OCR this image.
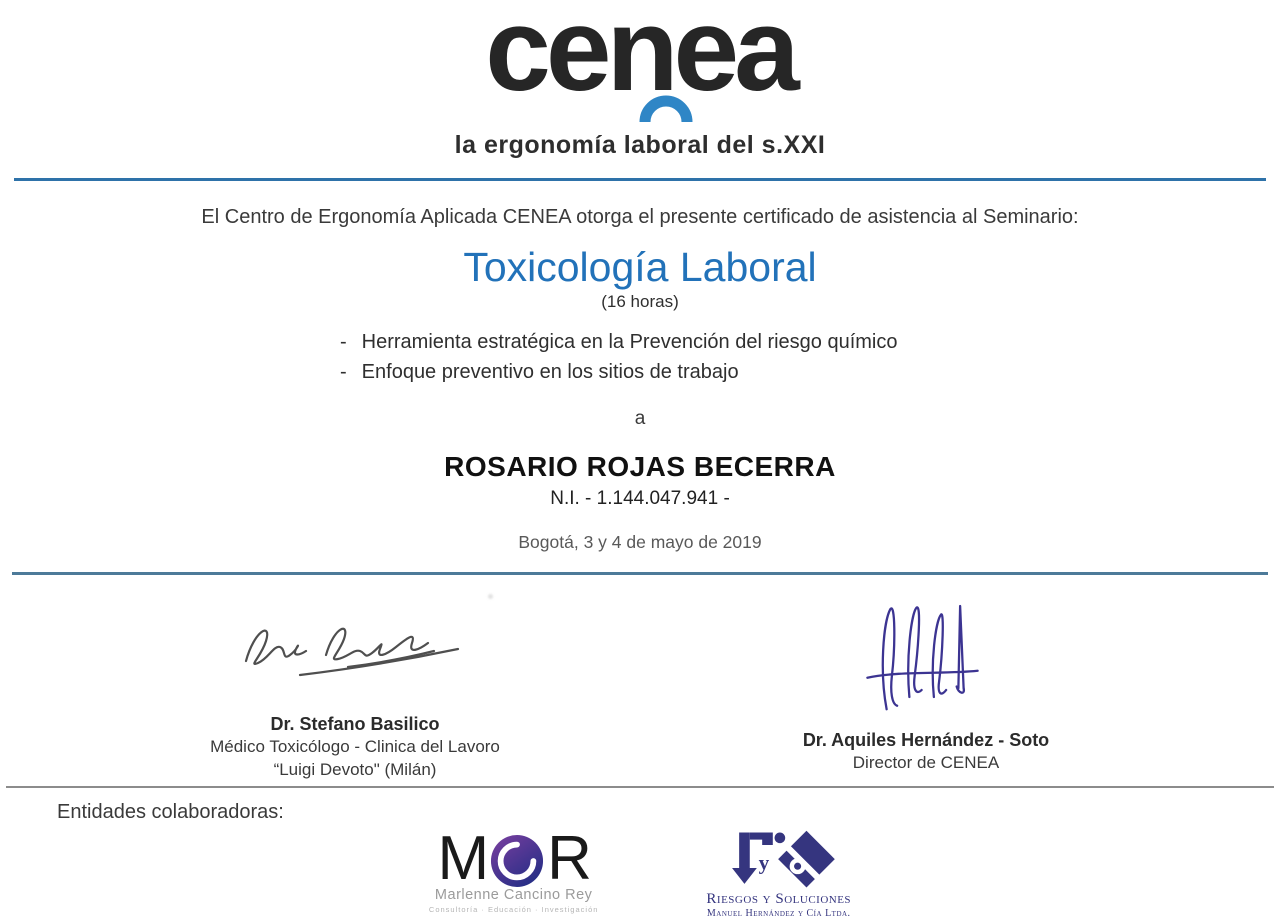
cenea
la ergonomía laboral del s.XXI

El Centro de Ergonomía Aplicada CENEA otorga el presente certificado de asistencia al Seminario:

Toxicología Laboral
(16 horas)
- Herramienta estratégica en la Prevención del riesgo químico
- Enfoque preventivo en los sitios de trabajo
a
ROSARIO ROJAS BECERRA
N.I. - 1.144.047.941 -
Bogotá, 3 y 4 de mayo de 2019
Dr. Stefano Basilico
Médico Toxicólogo - Clinica del Lavoro
“Luigi Devoto" (Milán)
Dr. Aquiles Hernández - Soto
Director de CENEA
Entidades colaboradoras:
M R
Marlenne Cancino Rey
Consultoría · Educación · Investigación
y
Riesgos y Soluciones
Manuel Hernández y Cía Ltda.
